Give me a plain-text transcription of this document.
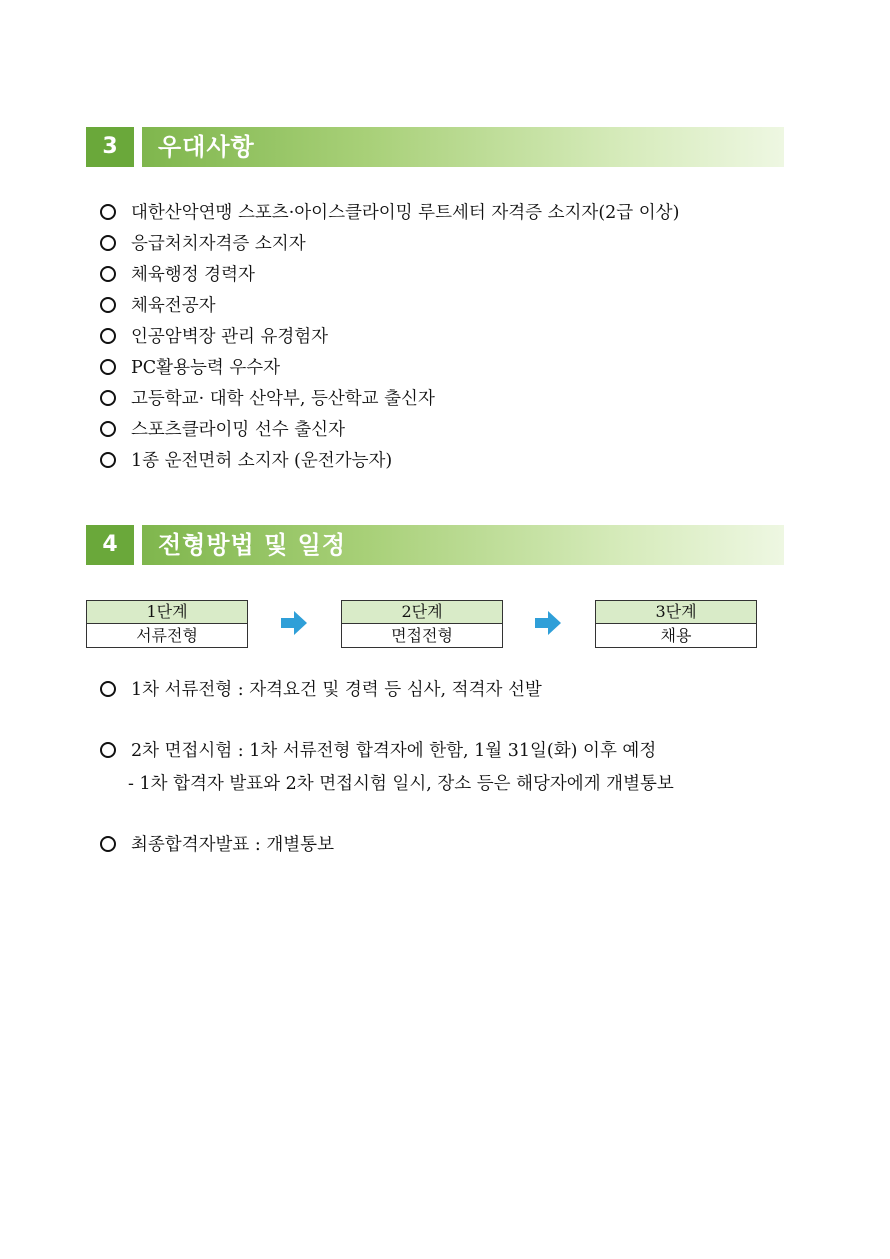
3	우대사항
대한산악연맹 스포츠·아이스클라이밍 루트세터 자격증 소지자(2급 이상)
응급처치자격증 소지자
체육행정 경력자
체육전공자
인공암벽장 관리 유경험자
PC활용능력 우수자
고등학교· 대학 산악부, 등산학교 출신자
스포츠클라이밍 선수 출신자
1종 운전면허 소지자 (운전가능자)
4	전형방법 및 일정
1단계
서류전형
2단계
면접전형
3단계
채용
1차 서류전형 : 자격요건 및 경력 등 심사, 적격자 선발
2차 면접시험 : 1차 서류전형 합격자에 한함, 1월 31일(화) 이후 예정
- 1차 합격자 발표와 2차 면접시험 일시, 장소 등은 해당자에게 개별통보
최종합격자발표 : 개별통보
